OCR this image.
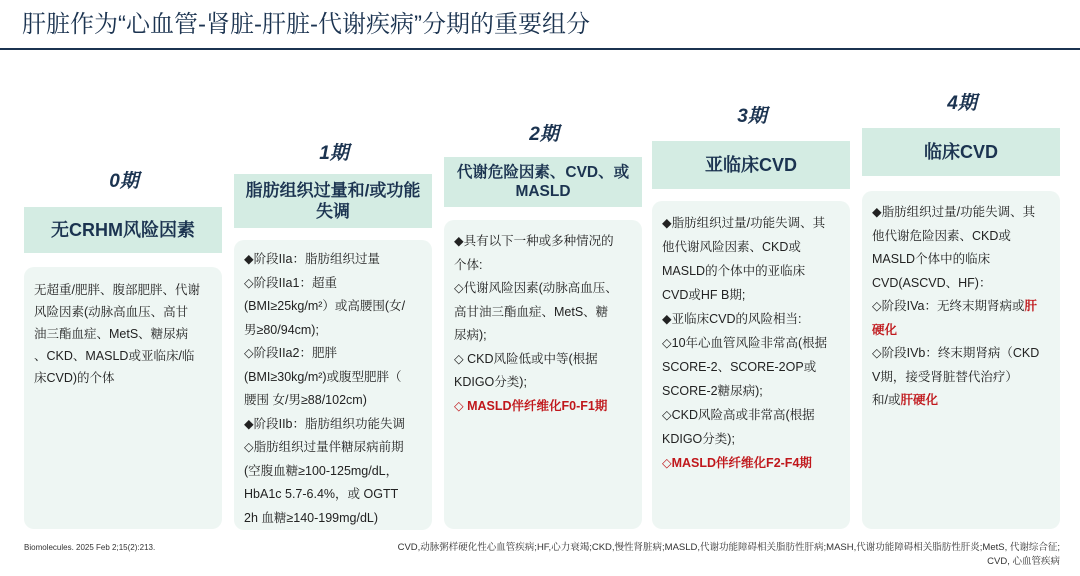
肝脏作为“心血管-肾脏-肝脏-代谢疾病”分期的重要组分
0期
无CRHM风险因素

无超重/肥胖、腹部肥胖、代谢

风险因素(动脉高血压、高甘

油三酯血症、MetS、糖尿病

、CKD、MASLD或亚临床/临

床CVD)的个体

1期
脂肪组织过量和/或功能失调

◆阶段IIa：脂肪组织过量

◇阶段IIa1：超重

(BMI≥25kg/m²）或高腰围(女/

男≥80/94cm);

◇阶段IIa2：肥胖

(BMI≥30kg/m²)或腹型肥胖（

腰围 女/男≥88/102cm)

◆阶段IIb：脂肪组织功能失调

◇脂肪组织过量伴糖尿病前期

(空腹血糖≥100-125mg/dL，

HbA1c 5.7-6.4%，或 OGTT

2h 血糖≥140-199mg/dL)

2期
代谢危险因素、CVD、或MASLD

◆具有以下一种或多种情况的

个体:

◇代谢风险因素(动脉高血压、

高甘油三酯血症、MetS、糖

尿病);

◇ CKD风险低或中等(根据

KDIGO分类);

◇ MASLD伴纤维化F0-F1期

3期
亚临床CVD

◆脂肪组织过量/功能失调、其

他代谢风险因素、CKD或

MASLD的个体中的亚临床

CVD或HF B期;

◆亚临床CVD的风险相当:

◇10年心血管风险非常高(根据

SCORE-2、SCORE-2OP或

SCORE-2糖尿病);

◇CKD风险高或非常高(根据

KDIGO分类);

◇MASLD伴纤维化F2-F4期

4期
临床CVD

◆脂肪组织过量/功能失调、其

他代谢危险因素、CKD或

MASLD个体中的临床

CVD(ASCVD、HF)：

◇阶段IVa：无终末期肾病或肝

硬化

◇阶段IVb：终末期肾病（CKD

V期，接受肾脏替代治疗）

和/或肝硬化

Biomolecules. 2025 Feb 2;15(2):213.	CVD,动脉粥样硬化性心血管疾病;HF,心力衰竭;CKD,慢性肾脏病;MASLD,代谢功能障碍相关脂肪性肝病;MASH,代谢功能障碍相关脂肪性肝炎;MetS, 代谢综合征;
CVD, 心血管疾病
